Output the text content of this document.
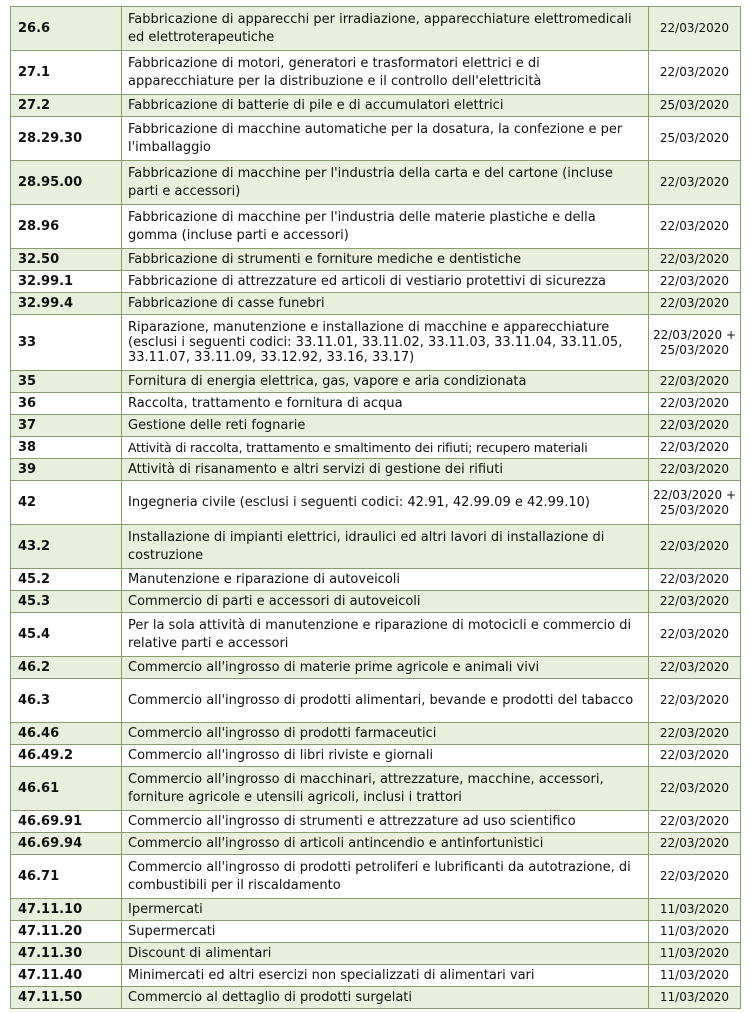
26.6	Fabbricazione di apparecchi per irradiazione, apparecchiature elettromedicali ed elettroterapeutiche	22/03/2020
27.1	Fabbricazione di motori, generatori e trasformatori elettrici e di apparecchiature per la distribuzione e il controllo dell'elettricità	22/03/2020
27.2	Fabbricazione di batterie di pile e di accumulatori elettrici	25/03/2020
28.29.30	Fabbricazione di macchine automatiche per la dosatura, la confezione e per l'imballaggio	25/03/2020
28.95.00	Fabbricazione di macchine per l'industria della carta e del cartone (incluse parti e accessori)	22/03/2020
28.96	Fabbricazione di macchine per l'industria delle materie plastiche e della gomma (incluse parti e accessori)	22/03/2020
32.50	Fabbricazione di strumenti e forniture mediche e dentistiche	22/03/2020
32.99.1	Fabbricazione di attrezzature ed articoli di vestiario protettivi di sicurezza	22/03/2020
32.99.4	Fabbricazione di casse funebri	22/03/2020
33	Riparazione, manutenzione e installazione di macchine e apparecchiature (esclusi i seguenti codici: 33.11.01, 33.11.02, 33.11.03, 33.11.04, 33.11.05, 33.11.07, 33.11.09, 33.12.92, 33.16, 33.17)	22/03/2020 + 25/03/2020
35	Fornitura di energia elettrica, gas, vapore e aria condizionata	22/03/2020
36	Raccolta, trattamento e fornitura di acqua	22/03/2020
37	Gestione delle reti fognarie	22/03/2020
38	Attività di raccolta, trattamento e smaltimento dei rifiuti; recupero materiali	22/03/2020
39	Attività di risanamento e altri servizi di gestione dei rifiuti	22/03/2020
42	Ingegneria civile (esclusi i seguenti codici: 42.91, 42.99.09 e 42.99.10)	22/03/2020 + 25/03/2020
43.2	Installazione di impianti elettrici, idraulici ed altri lavori di installazione di costruzione	22/03/2020
45.2	Manutenzione e riparazione di autoveicoli	22/03/2020
45.3	Commercio di parti e accessori di autoveicoli	22/03/2020
45.4	Per la sola attività di manutenzione e riparazione di motocicli e commercio di relative parti e accessori	22/03/2020
46.2	Commercio all'ingrosso di materie prime agricole e animali vivi	22/03/2020
46.3	Commercio all'ingrosso di prodotti alimentari, bevande e prodotti del tabacco	22/03/2020
46.46	Commercio all'ingrosso di prodotti farmaceutici	22/03/2020
46.49.2	Commercio all'ingrosso di libri riviste e giornali	22/03/2020
46.61	Commercio all'ingrosso di macchinari, attrezzature, macchine, accessori, forniture agricole e utensili agricoli, inclusi i trattori	22/03/2020
46.69.91	Commercio all'ingrosso di strumenti e attrezzature ad uso scientifico	22/03/2020
46.69.94	Commercio all'ingrosso di articoli antincendio e antinfortunistici	22/03/2020
46.71	Commercio all'ingrosso di prodotti petroliferi e lubrificanti da autotrazione, di combustibili per il riscaldamento	22/03/2020
47.11.10	Ipermercati	11/03/2020
47.11.20	Supermercati	11/03/2020
47.11.30	Discount di alimentari	11/03/2020
47.11.40	Minimercati ed altri esercizi non specializzati di alimentari vari	11/03/2020
47.11.50	Commercio al dettaglio di prodotti surgelati	11/03/2020
